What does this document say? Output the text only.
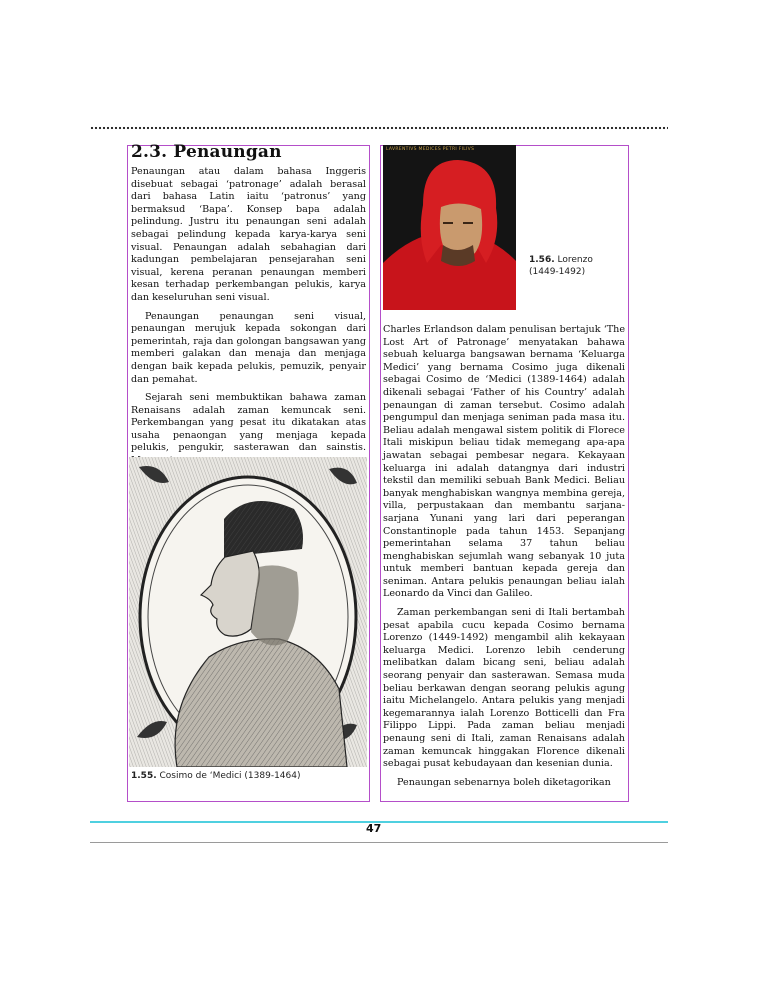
2.3. Penaungan

Penaungan atau dalam bahasa Inggeris disebuat sebagai ‘patronage’ adalah berasal dari bahasa Latin iaitu ‘patronus’ yang bermaksud ‘Bapa’. Konsep bapa adalah pelindung. Justru itu penaungan seni adalah sebagai pelindung kepada karya-karya seni visual. Penaungan adalah sebahagian dari kadungan pembelajaran pensejarahan seni visual, kerena peranan penaungan memberi kesan terhadap perkembangan pelukis, karya dan keseluruhan seni visual.

Penaungan penaungan seni visual, penaungan merujuk kepada sokongan dari pemerintah, raja dan golongan bangsawan yang memberi galakan dan menaja dan menjaga dengan baik kepada pelukis, pemuzik, penyair dan pemahat.

Sejarah seni membuktikan bahawa zaman Renaisans adalah zaman kemuncak seni. Perkembangan yang pesat itu dikatakan atas usaha penaongan yang menjaga kepada pelukis, pengukir, sasterawan dan sainstis.

1.55. Cosimo de ‘Medici (1389-1464)
LAVRENTIVS MEDICES PETRI FILIVS
1.56. Lorenzo (1449-1492)

Charles Erlandson dalam penulisan bertajuk ‘The Lost Art of Patronage’ menyatakan bahawa sebuah keluarga bangsawan bernama ‘Keluarga Medici’ yang bernama Cosimo juga dikenali sebagai Cosimo de ‘Medici (1389-1464) adalah dikenali sebagai ‘Father of his Country’ adalah penaungan di zaman tersebut. Cosimo adalah pengumpul dan menjaga seniman pada masa itu. Beliau adalah mengawal sistem politik di Florece Itali miskipun beliau tidak memegang apa-apa jawatan sebagai pembesar negara. Kekayaan keluarga ini adalah datangnya dari industri tekstil dan memiliki sebuah Bank Medici. Beliau banyak menghabiskan wangnya membina gereja, villa, perpustakaan dan membantu sarjana-sarjana Yunani yang lari dari peperangan Constantinople pada tahun 1453. Sepanjang pemerintahan selama 37 tahun beliau menghabiskan sejumlah wang sebanyak 10 juta untuk memberi bantuan kepada gereja dan seniman. Antara pelukis penaungan beliau ialah Leonardo da Vinci dan Galileo.

Zaman perkembangan seni di Itali bertambah pesat apabila cucu kepada Cosimo bernama Lorenzo (1449-1492) mengambil alih kekayaan keluarga Medici. Lorenzo lebih cenderung melibatkan dalam bicang seni, beliau adalah seorang penyair dan sasterawan. Semasa muda beliau berkawan dengan seorang pelukis agung iaitu Michelangelo. Antara pelukis yang menjadi kegemarannya ialah Lorenzo Botticelli dan Fra Filippo Lippi. Pada zaman beliau menjadi penaung seni di Itali, zaman Renaisans adalah zaman kemuncak hinggakan Florence dikenali sebagai pusat kebudayaan dan kesenian dunia.

Penaungan sebenarnya boleh diketagorikan

47
